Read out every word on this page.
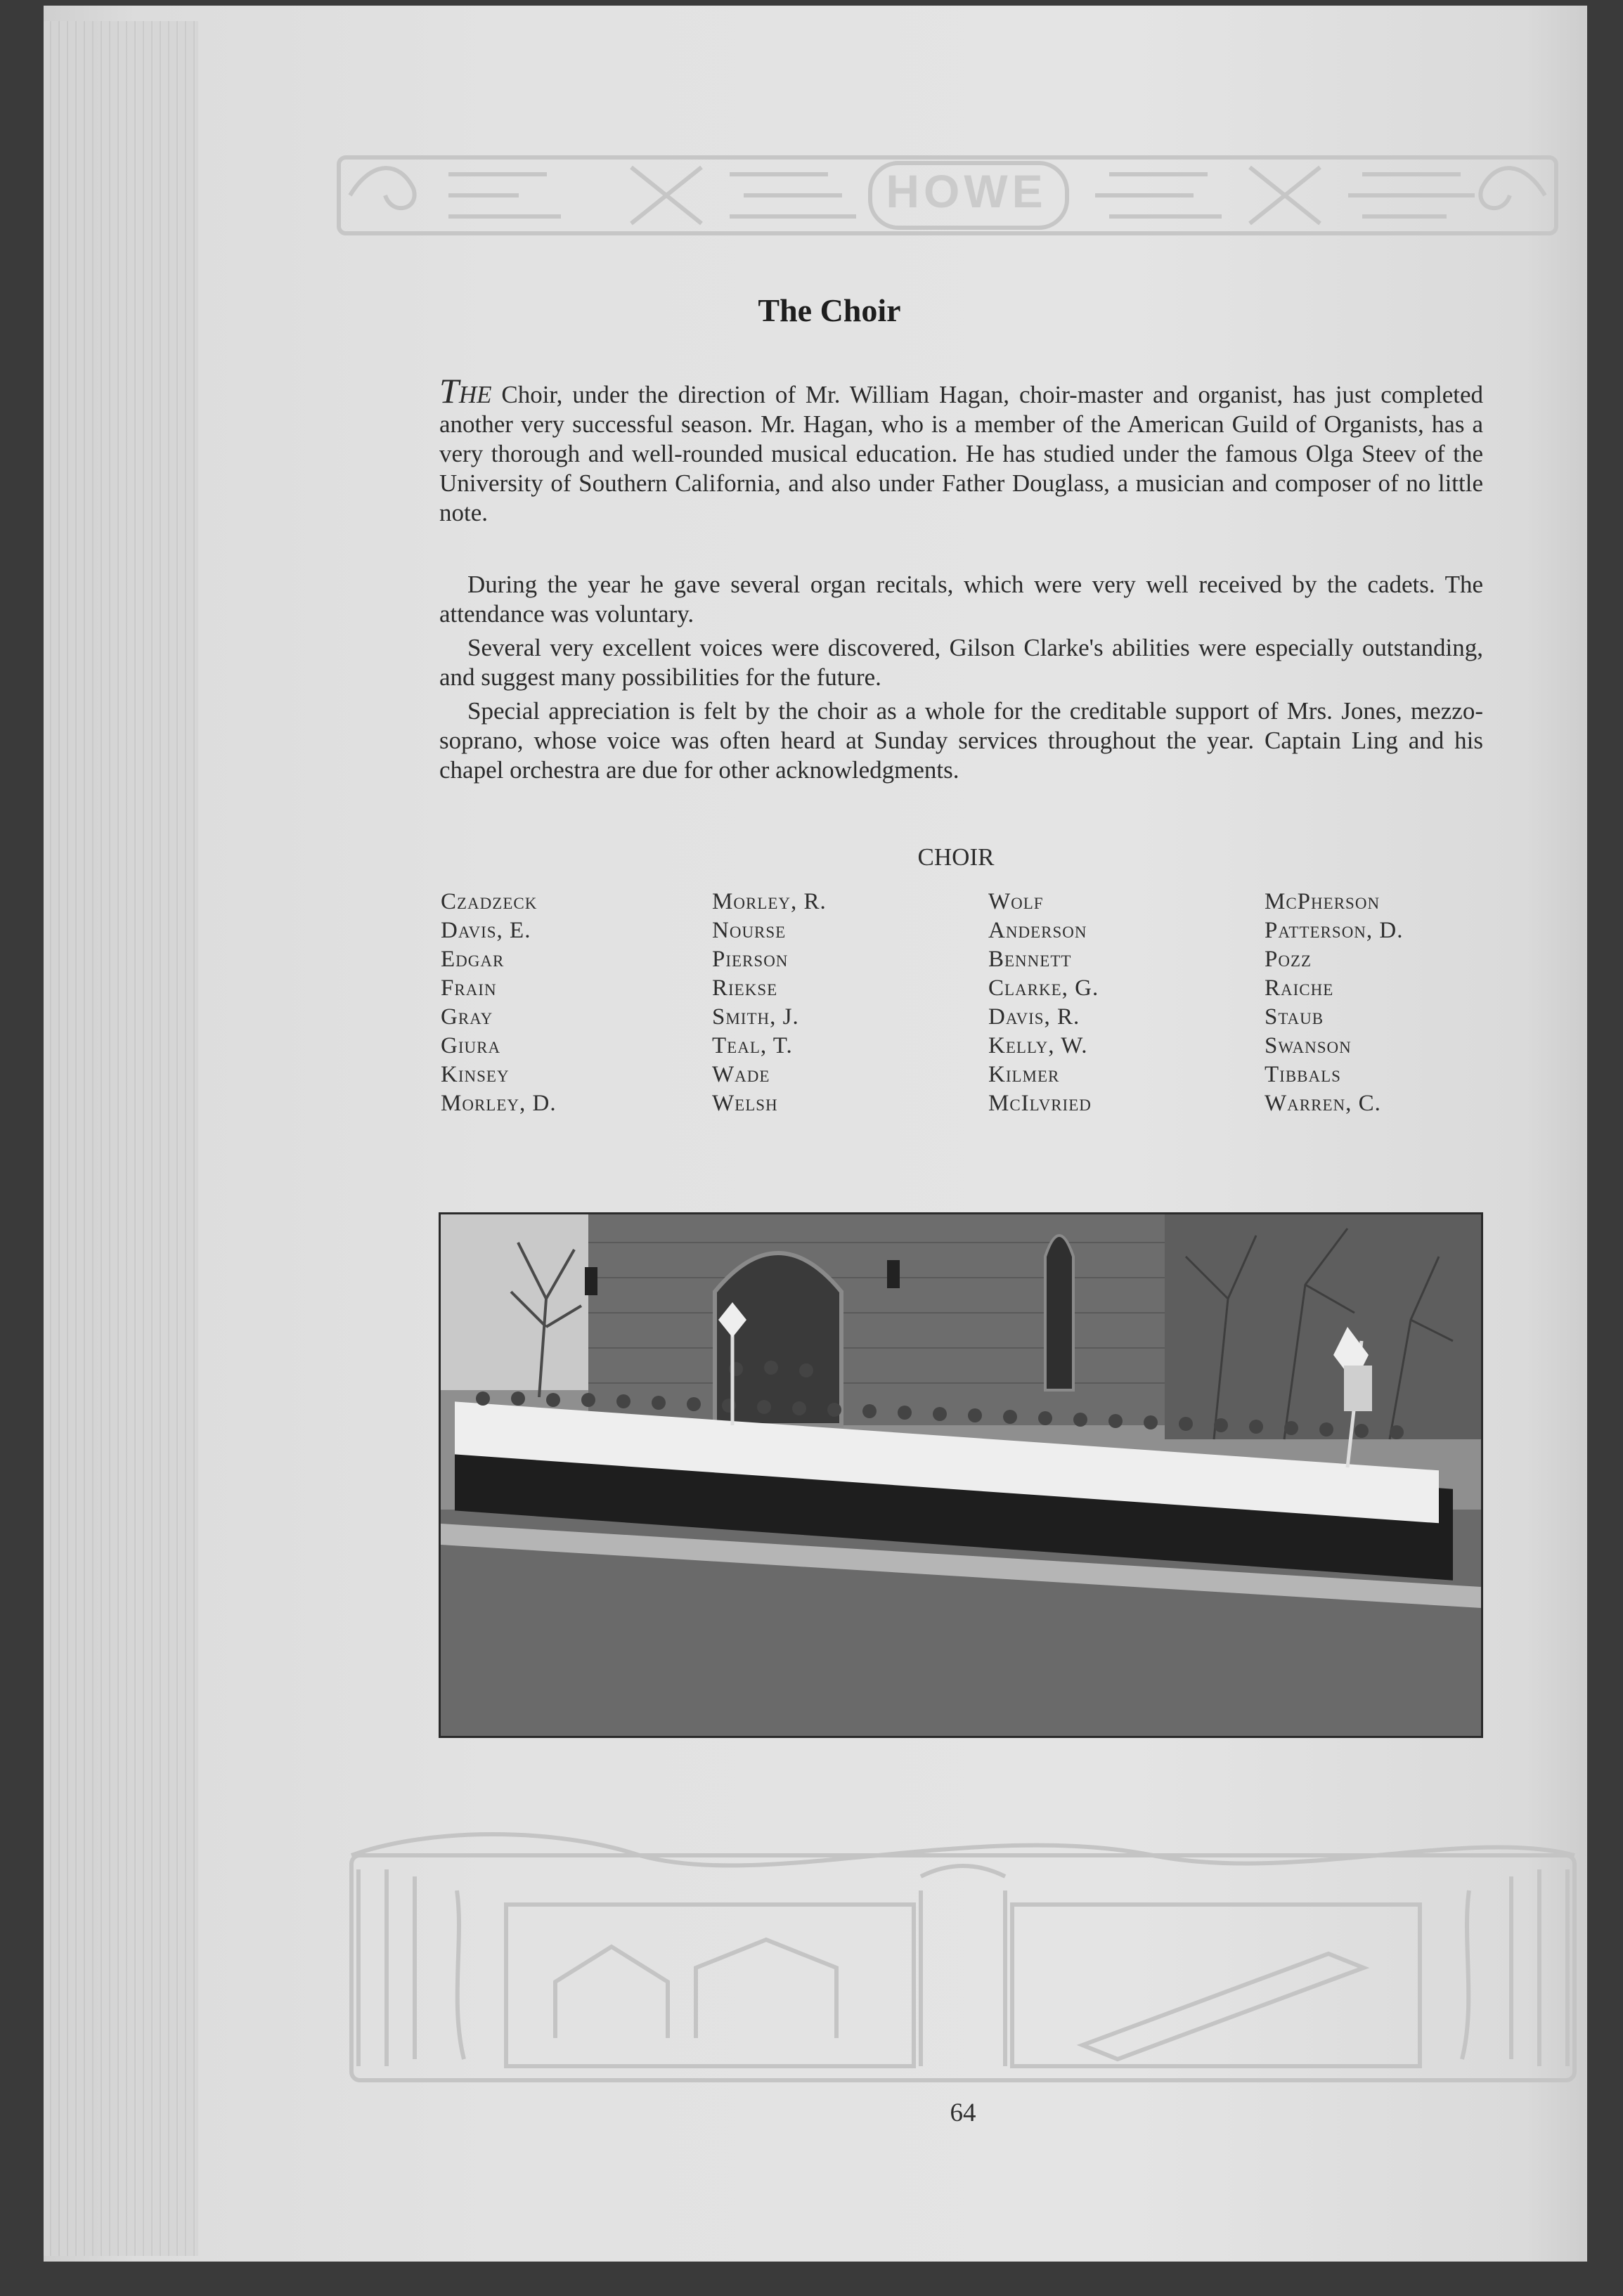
HOWE
The Choir

THE Choir, under the direction of Mr. William Hagan, choir-master and organist, has just completed another very successful season. Mr. Hagan, who is a member of the American Guild of Organists, has a very thorough and well-rounded musical education. He has studied under the famous Olga Steev of the University of Southern California, and also under Father Douglass, a musician and composer of no little note.

During the year he gave several organ recitals, which were very well received by the cadets. The attendance was voluntary.

Several very excellent voices were discovered, Gilson Clarke's abilities were especially outstanding, and suggest many possibilities for the future.

Special appreciation is felt by the choir as a whole for the creditable support of Mrs. Jones, mezzo-soprano, whose voice was often heard at Sunday services throughout the year. Captain Ling and his chapel orchestra are due for other acknowledgments.

CHOIR
Czadzeck
Davis, E.
Edgar
Frain
Gray
Giura
Kinsey
Morley, D.
Morley, R.
Nourse
Pierson
Riekse
Smith, J.
Teal, T.
Wade
Welsh
Wolf
Anderson
Bennett
Clarke, G.
Davis, R.
Kelly, W.
Kilmer
McIlvried
McPherson
Patterson, D.
Pozz
Raiche
Staub
Swanson
Tibbals
Warren, C.
64
